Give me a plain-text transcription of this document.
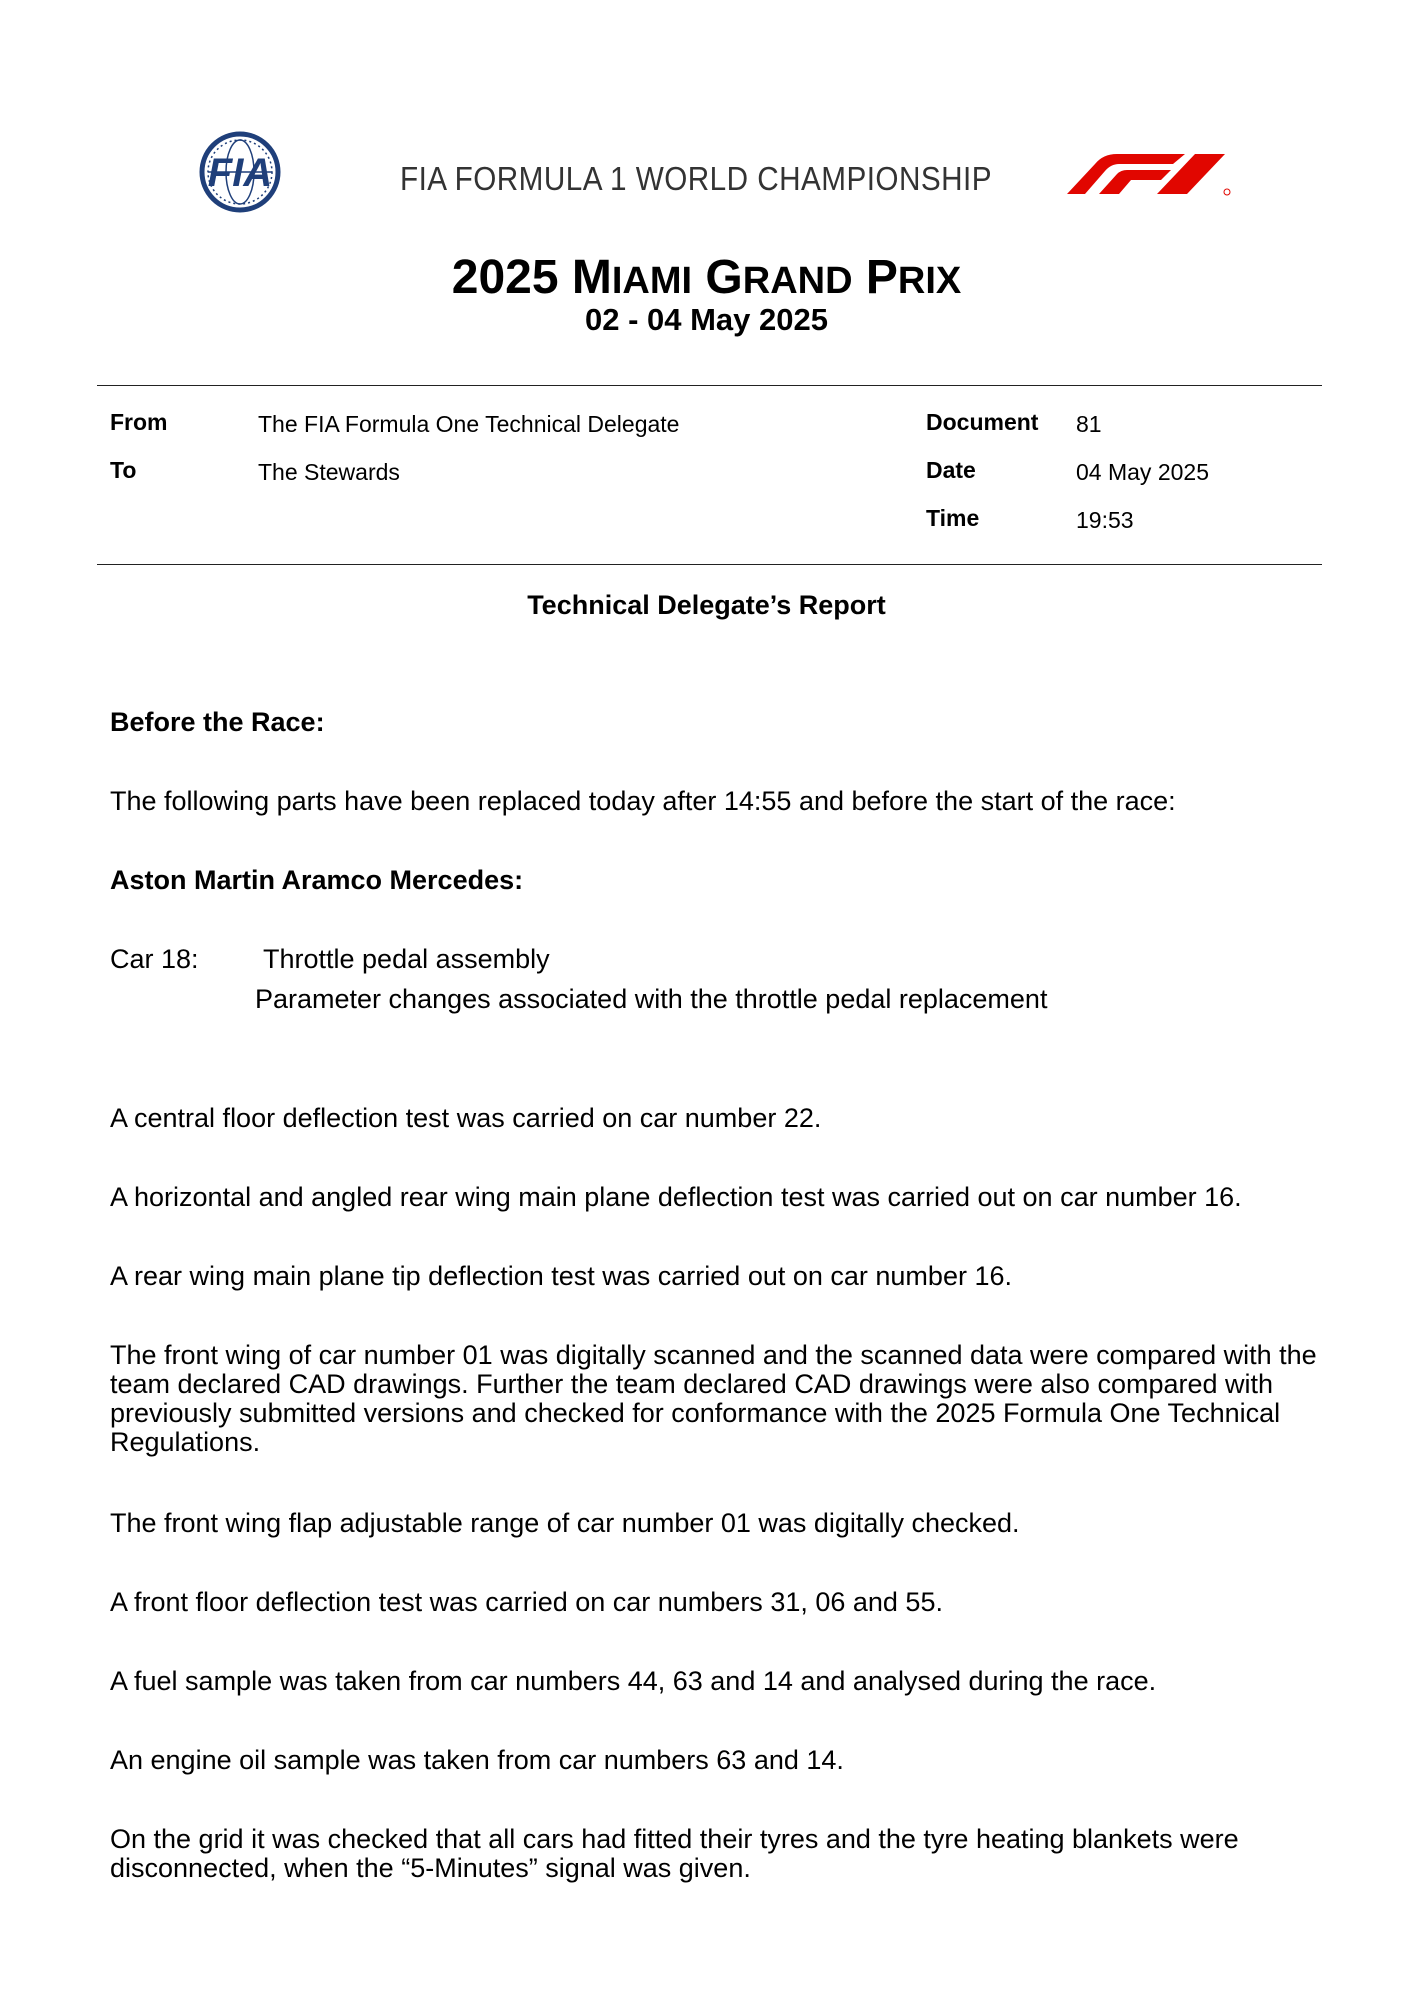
FIA	FIA FORMULA 1 WORLD CHAMPIONSHIP
2025 MIAMI GRAND PRIX
02 - 04 May 2025
From	The FIA Formula One Technical Delegate
To	The Stewards
Document 81
Date	04 May 2025
Time	19:53
Technical Delegate’s Report
Before the Race:
The following parts have been replaced today after 14:55 and before the start of the race:
Aston Martin Aramco Mercedes:
Car 18:	Throttle pedal assembly
Parameter changes associated with the throttle pedal replacement
A central floor deflection test was carried on car number 22.
A horizontal and angled rear wing main plane deflection test was carried out on car number 16.
A rear wing main plane tip deflection test was carried out on car number 16.
The front wing of car number 01 was digitally scanned and the scanned data were compared with the team declared CAD drawings. Further the team declared CAD drawings were also compared with previously submitted versions and checked for conformance with the 2025 Formula One Technical Regulations.
The front wing flap adjustable range of car number 01 was digitally checked.
A front floor deflection test was carried on car numbers 31, 06 and 55.
A fuel sample was taken from car numbers 44, 63 and 14 and analysed during the race.
An engine oil sample was taken from car numbers 63 and 14.
On the grid it was checked that all cars had fitted their tyres and the tyre heating blankets were disconnected, when the “5-Minutes” signal was given.
